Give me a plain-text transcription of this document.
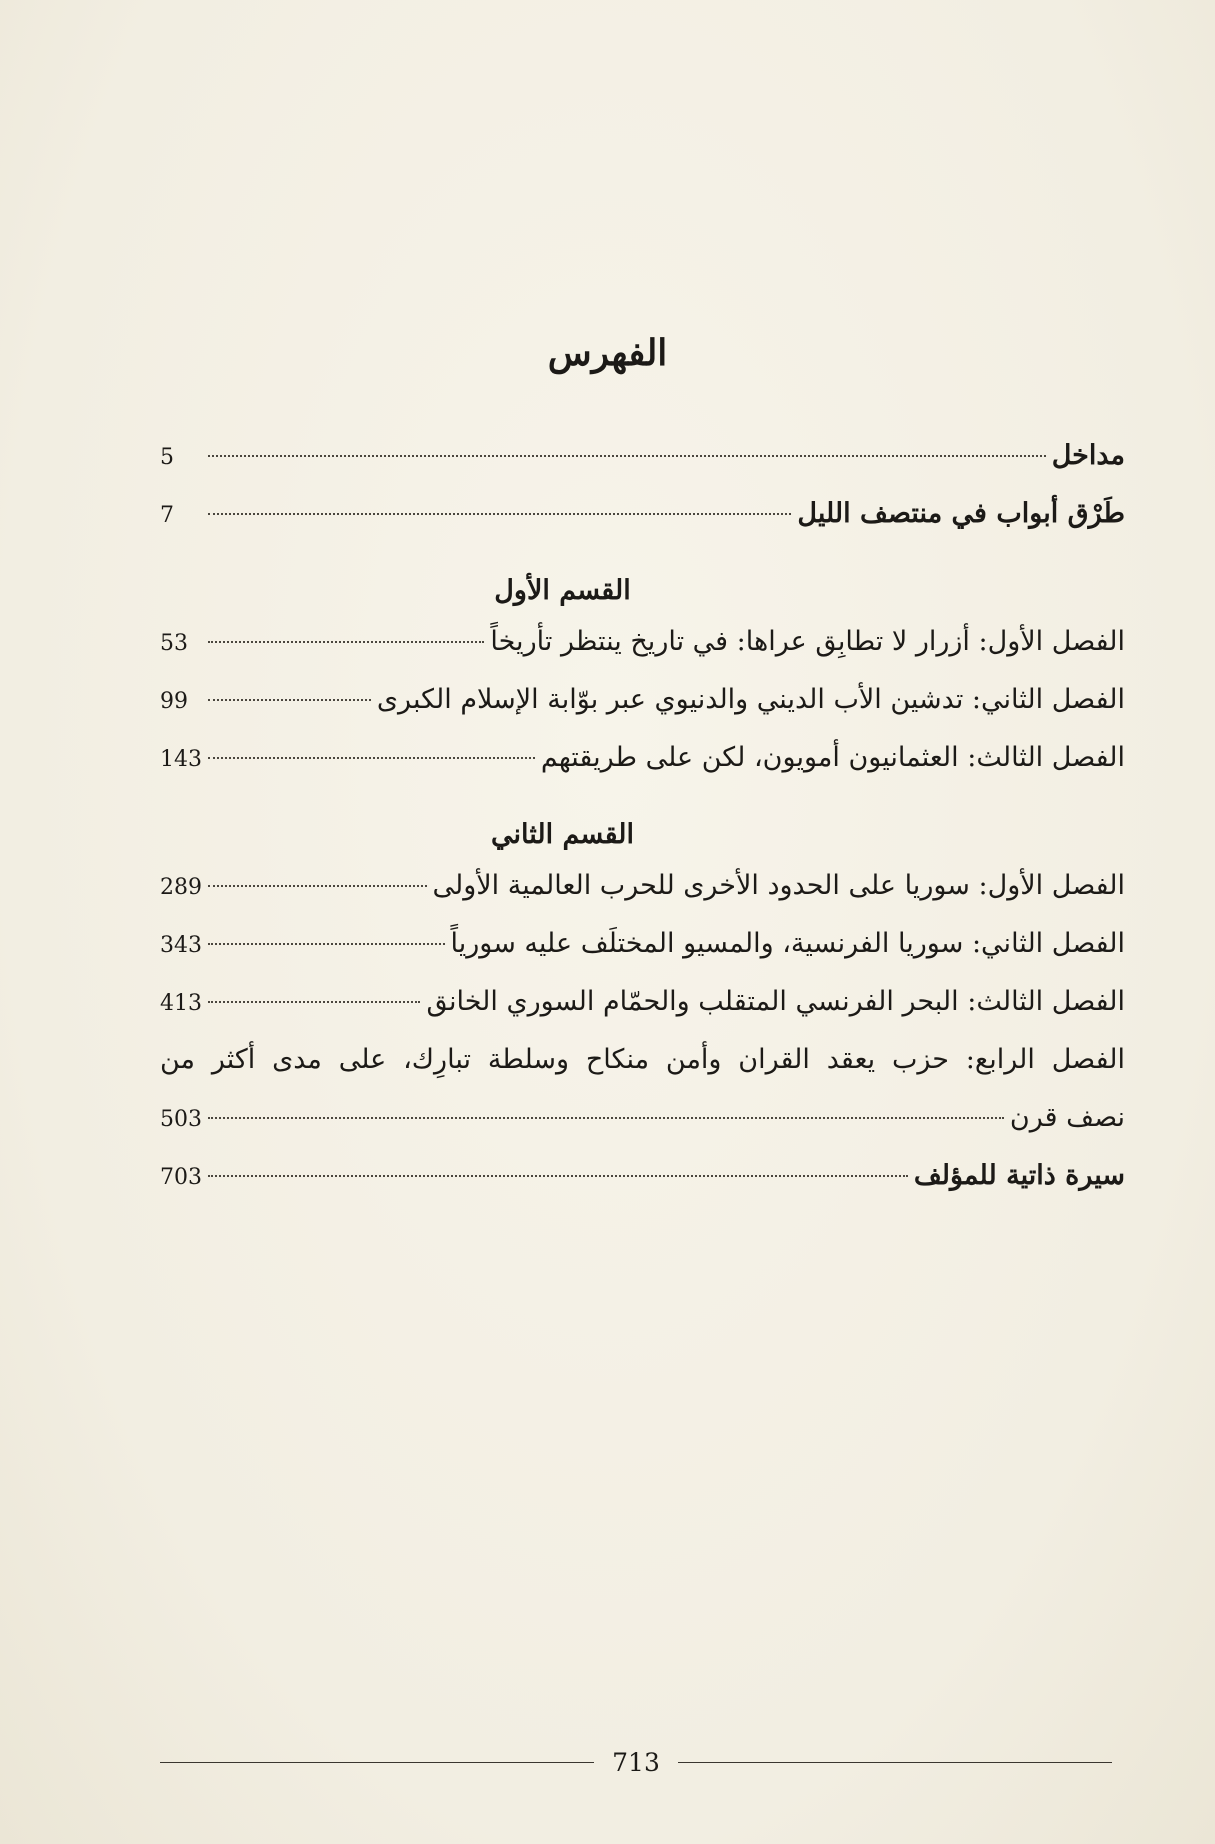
الفهرس
مداخل
5
طَرْق أبواب في منتصف الليل
7
القسم الأول
الفصل الأول: أزرار لا تطابِق عراها: في تاريخ ينتظر تأريخاً
53
الفصل الثاني: تدشين الأب الديني والدنيوي عبر بوّابة الإسلام الكبرى
99
الفصل الثالث: العثمانيون أمويون، لكن على طريقتهم
143
القسم الثاني
الفصل الأول: سوريا على الحدود الأخرى للحرب العالمية الأولى
289
الفصل الثاني: سوريا الفرنسية، والمسيو المختلَف عليه سورياً
343
الفصل الثالث: البحر الفرنسي المتقلب والحمّام السوري الخانق
413
الفصل الرابع: حزب يعقد القران وأمن منكاح وسلطة تبارِك، على مدى أكثر من
نصف قرن
503
سيرة ذاتية للمؤلف
703
713
